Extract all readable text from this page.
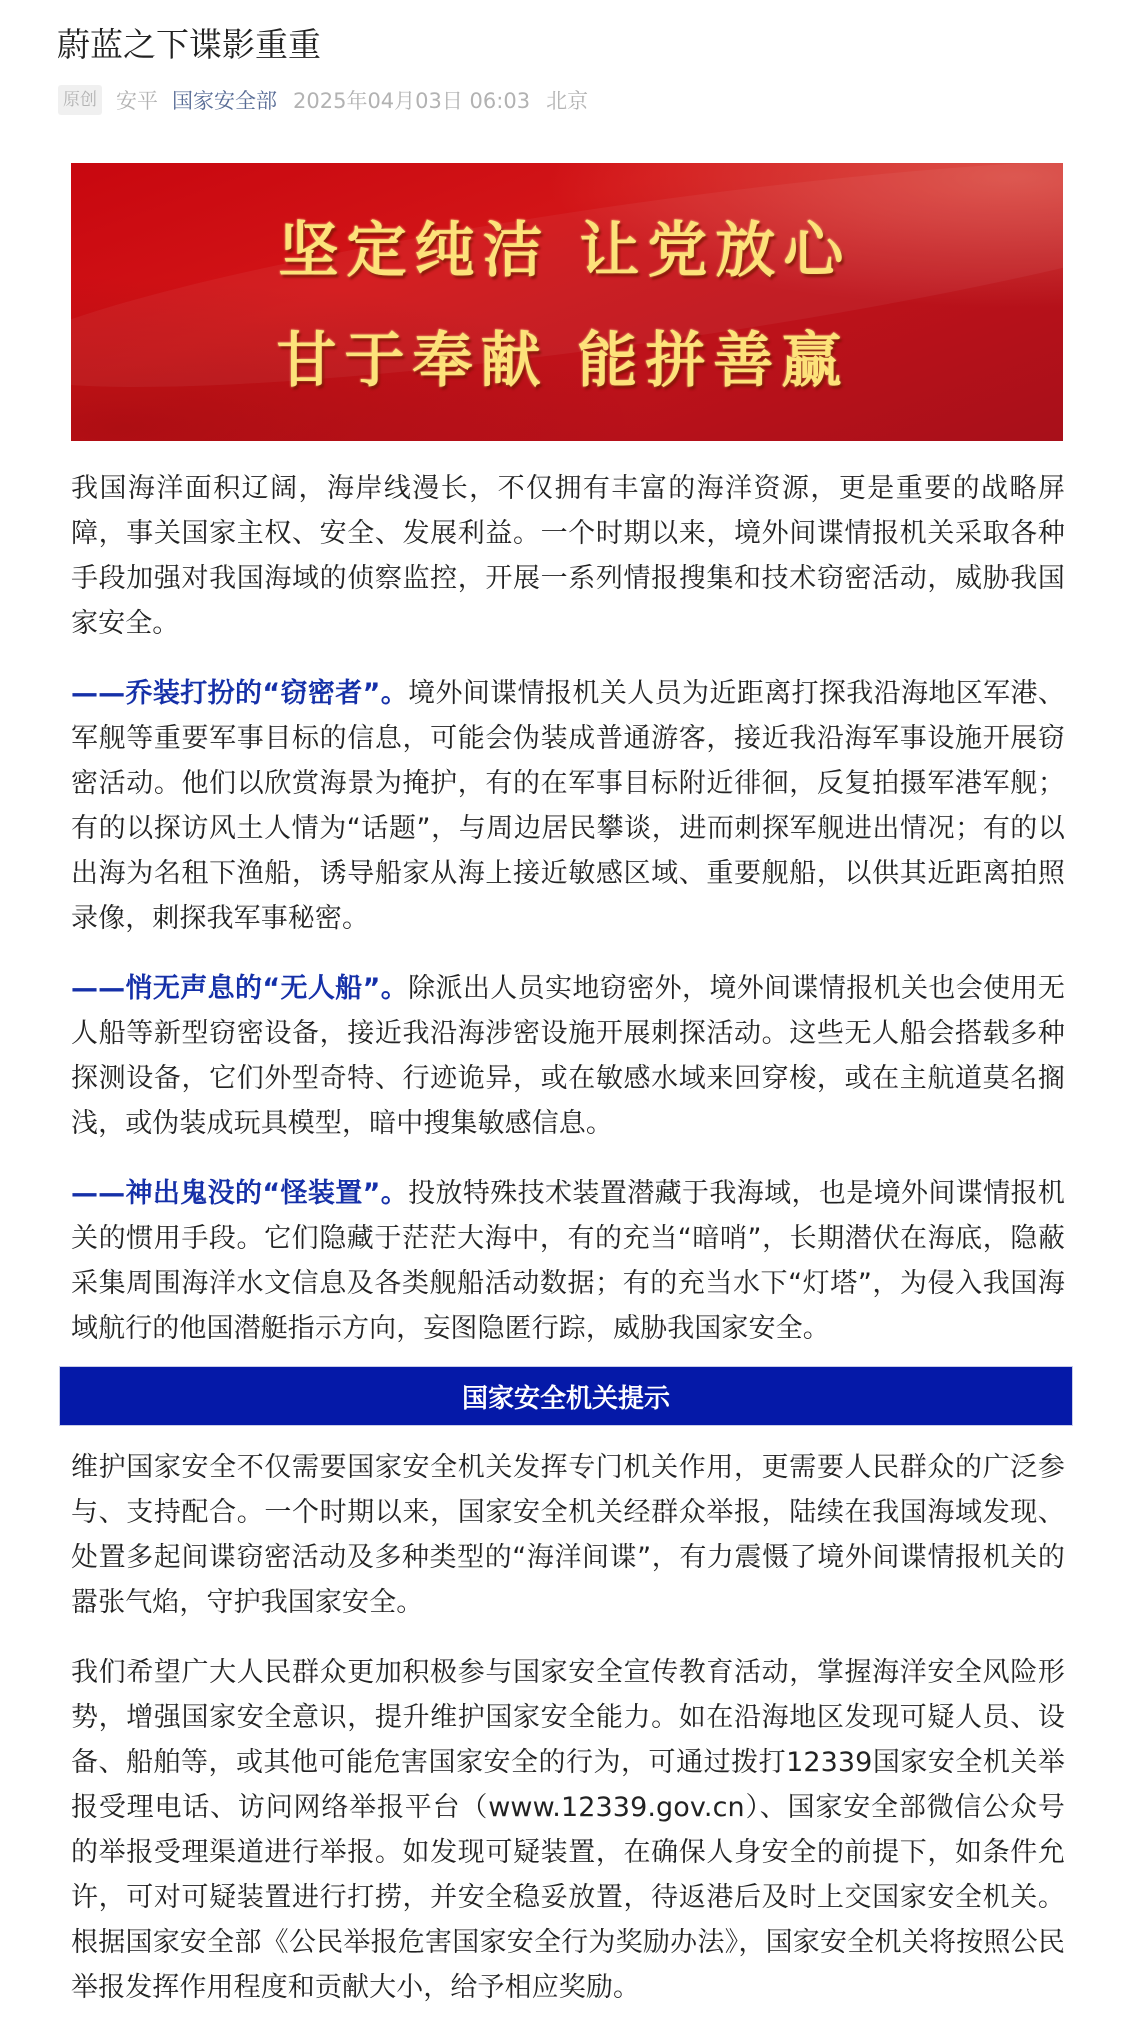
蔚蓝之下谍影重重
原创 安平 国家安全部 2025年04月03日 06:03 北京
坚定纯洁 让党放心
甘于奉献 能拼善赢

我国海洋面积辽阔，海岸线漫长，不仅拥有丰富的海洋资源，更是重要的战略屏障，事关国家主权、安全、发展利益。一个时期以来，境外间谍情报机关采取各种手段加强对我国海域的侦察监控，开展一系列情报搜集和技术窃密活动，威胁我国家安全。

——乔装打扮的“窃密者”。境外间谍情报机关人员为近距离打探我沿海地区军港、军舰等重要军事目标的信息，可能会伪装成普通游客，接近我沿海军事设施开展窃密活动。他们以欣赏海景为掩护，有的在军事目标附近徘徊，反复拍摄军港军舰；有的以探访风土人情为“话题”，与周边居民攀谈，进而刺探军舰进出情况；有的以出海为名租下渔船，诱导船家从海上接近敏感区域、重要舰船，以供其近距离拍照录像，刺探我军事秘密。

——悄无声息的“无人船”。除派出人员实地窃密外，境外间谍情报机关也会使用无人船等新型窃密设备，接近我沿海涉密设施开展刺探活动。这些无人船会搭载多种探测设备，它们外型奇特、行迹诡异，或在敏感水域来回穿梭，或在主航道莫名搁浅，或伪装成玩具模型，暗中搜集敏感信息。

——神出鬼没的“怪装置”。投放特殊技术装置潜藏于我海域，也是境外间谍情报机关的惯用手段。它们隐藏于茫茫大海中，有的充当“暗哨”，长期潜伏在海底，隐蔽采集周围海洋水文信息及各类舰船活动数据；有的充当水下“灯塔”，为侵入我国海域航行的他国潜艇指示方向，妄图隐匿行踪，威胁我国家安全。

国家安全机关提示

维护国家安全不仅需要国家安全机关发挥专门机关作用，更需要人民群众的广泛参与、支持配合。一个时期以来，国家安全机关经群众举报，陆续在我国海域发现、处置多起间谍窃密活动及多种类型的“海洋间谍”，有力震慑了境外间谍情报机关的嚣张气焰，守护我国家安全。

我们希望广大人民群众更加积极参与国家安全宣传教育活动，掌握海洋安全风险形势，增强国家安全意识，提升维护国家安全能力。如在沿海地区发现可疑人员、设备、船舶等，或其他可能危害国家安全的行为，可通过拨打12339国家安全机关举报受理电话、访问网络举报平台（www.12339.gov.cn）、国家安全部微信公众号的举报受理渠道进行举报。如发现可疑装置，在确保人身安全的前提下，如条件允许，可对可疑装置进行打捞，并安全稳妥放置，待返港后及时上交国家安全机关。根据国家安全部《公民举报危害国家安全行为奖励办法》，国家安全机关将按照公民举报发挥作用程度和贡献大小，给予相应奖励。
